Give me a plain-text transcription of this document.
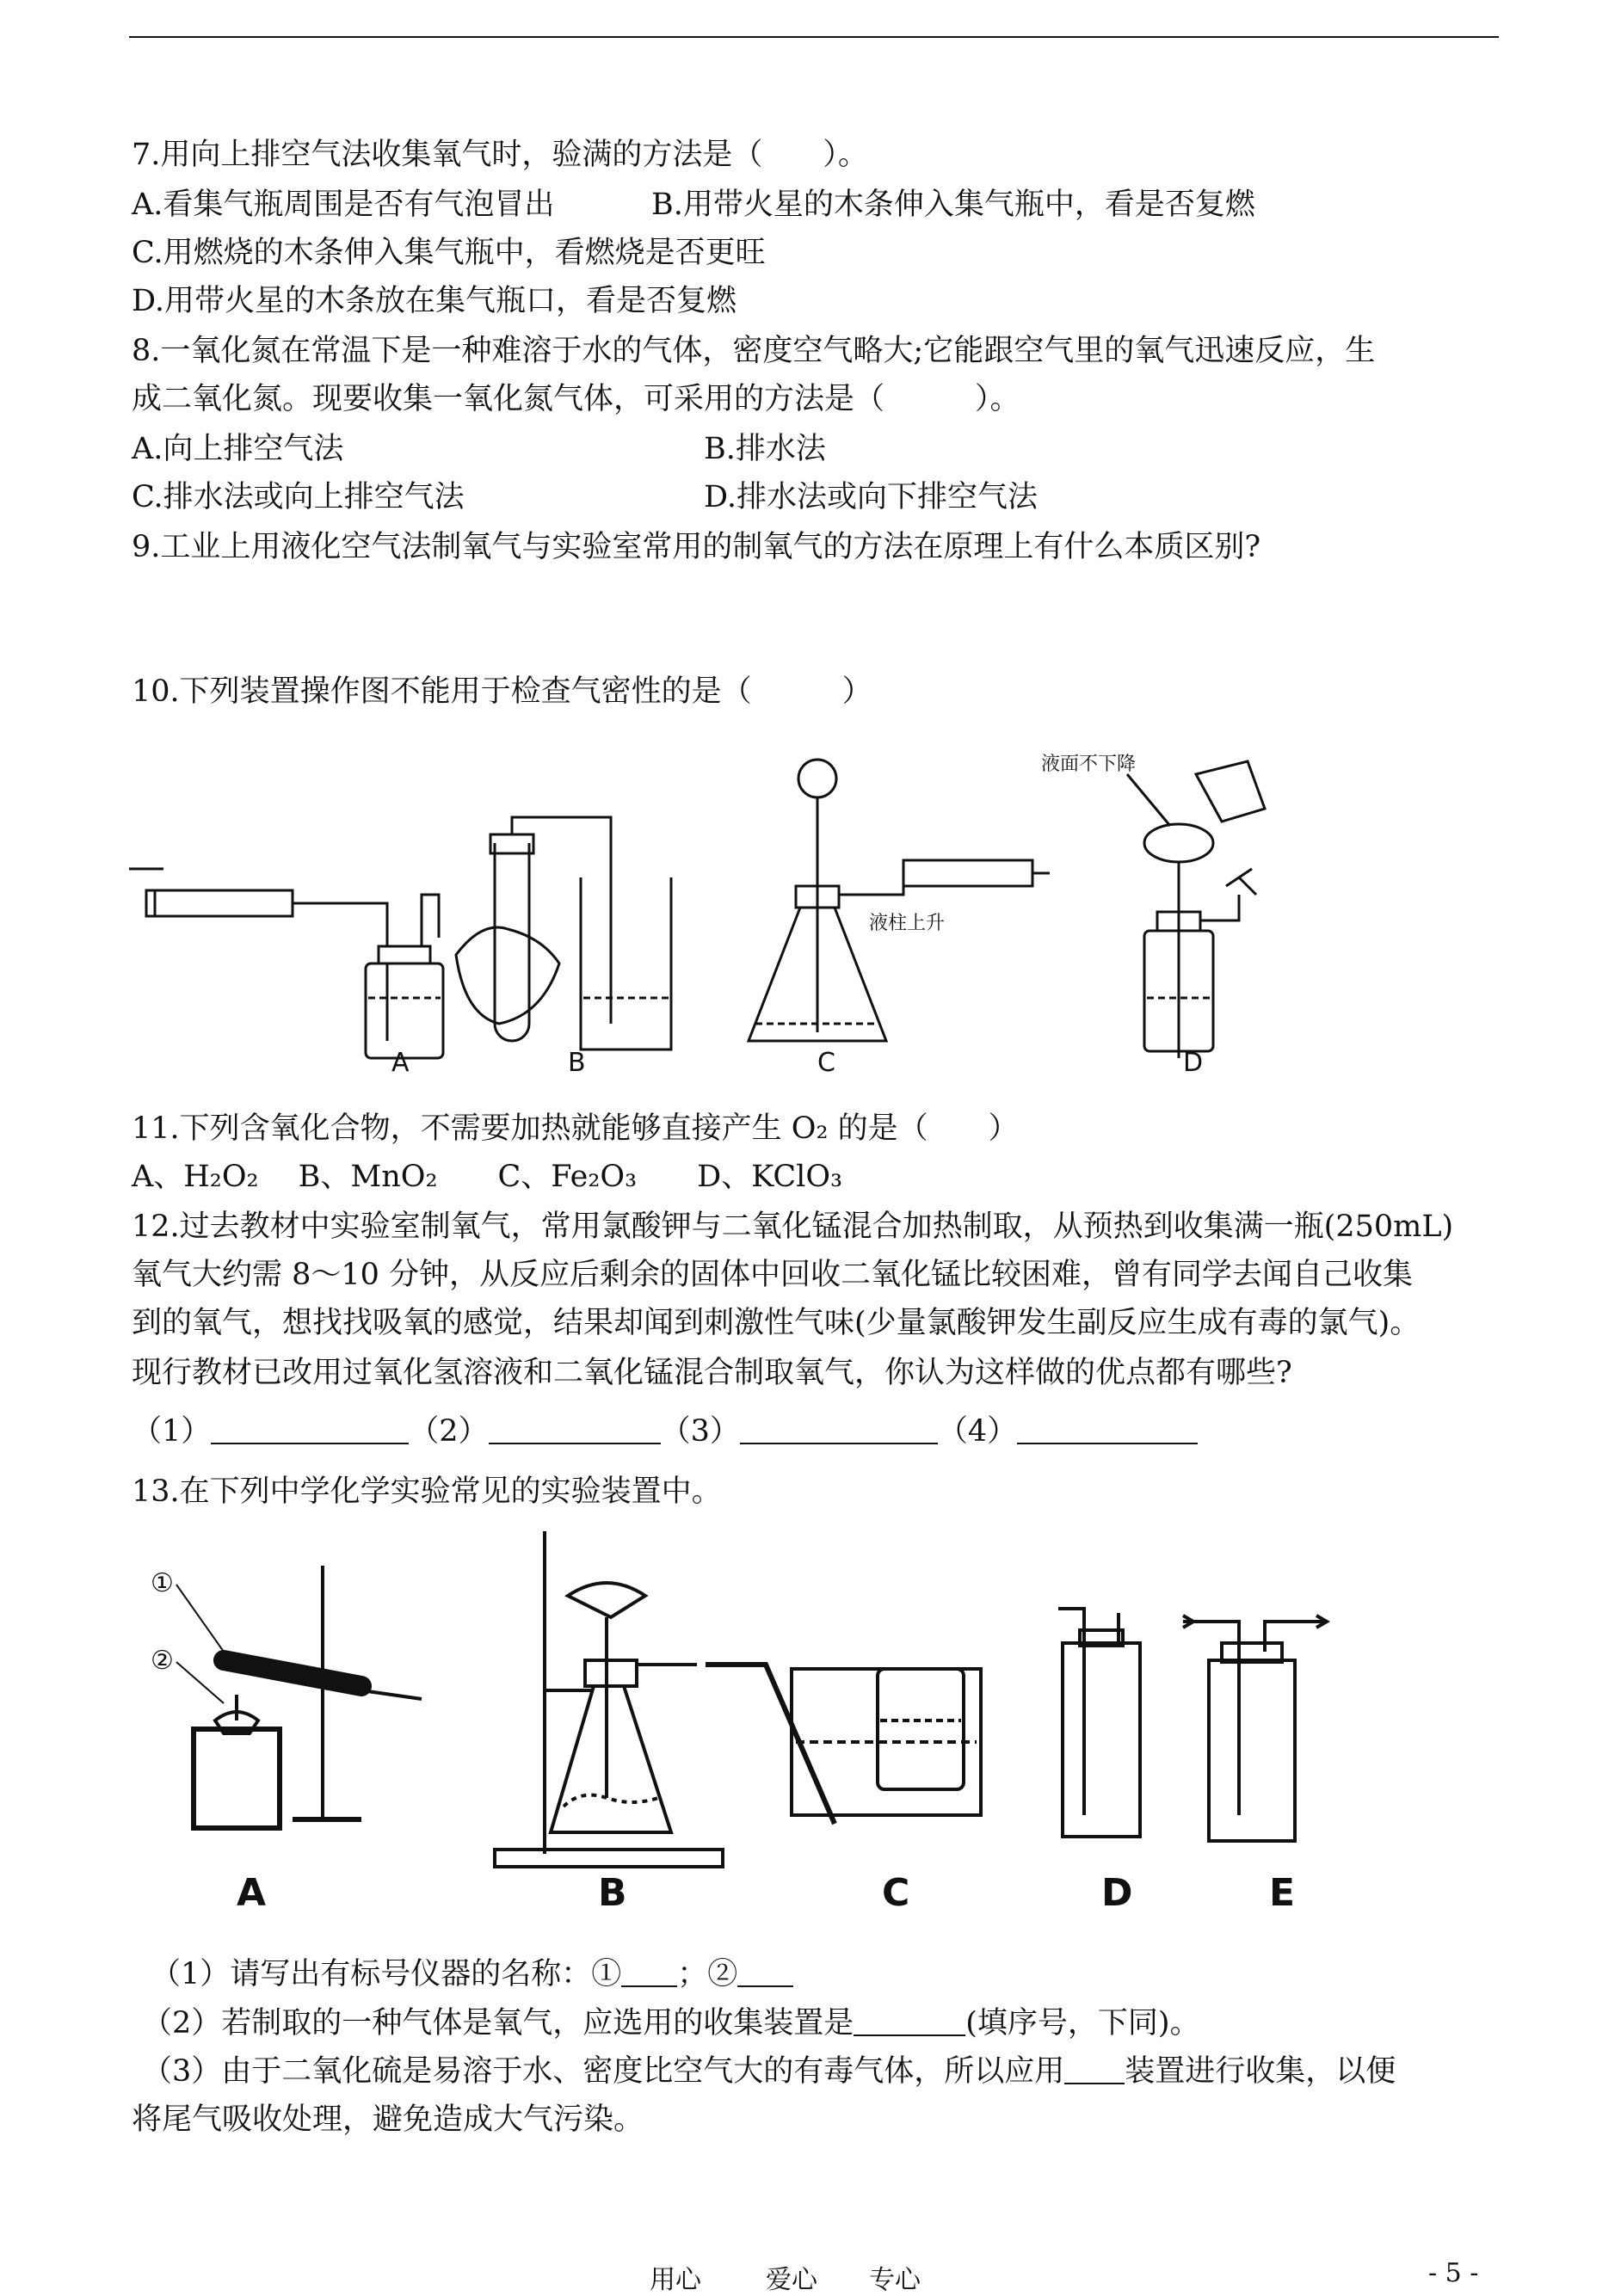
7.用向上排空气法收集氧气时，验满的方法是（　　）。
A.看集气瓶周围是否有气泡冒出	B.用带火星的木条伸入集气瓶中，看是否复燃
C.用燃烧的木条伸入集气瓶中，看燃烧是否更旺
D.用带火星的木条放在集气瓶口，看是否复燃
8.一氧化氮在常温下是一种难溶于水的气体，密度空气略大;它能跟空气里的氧气迅速反应，生
成二氧化氮。现要收集一氧化氮气体，可采用的方法是（　　　）。
A.向上排空气法	B.排水法
C.排水法或向上排空气法	D.排水法或向下排空气法
9.工业上用液化空气法制氧气与实验室常用的制氧气的方法在原理上有什么本质区别?
10.下列装置操作图不能用于检查气密性的是（　　　）
A	B	C	D
液柱上升
液面不下降
11.下列含氧化合物，不需要加热就能够直接产生 O₂ 的是（　　）
A、H₂O₂　 B、MnO₂　　C、Fe₂O₃　　D、KClO₃
12.过去教材中实验室制氧气，常用氯酸钾与二氧化锰混合加热制取，从预热到收集满一瓶(250mL)
氧气大约需 8～10 分钟，从反应后剩余的固体中回收二氧化锰比较困难，曾有同学去闻自己收集
到的氧气，想找找吸氧的感觉，结果却闻到刺激性气味(少量氯酸钾发生副反应生成有毒的氯气)。
现行教材已改用过氧化氢溶液和二氧化锰混合制取氧气，你认为这样做的优点都有哪些?
（1）	（2）	（3）	（4）
13.在下列中学化学实验常见的实验装置中。
①
②
A	B	C	D	E
（1）请写出有标号仪器的名称：① ；②
（2）若制取的一种气体是氧气，应选用的收集装置是	(填序号，下同)。
（3）由于二氧化硫是易溶于水、密度比空气大的有毒气体，所以应用 装置进行收集，以便
将尾气吸收处理，避免造成大气污染。
用心	爱心 专心	- 5 -
